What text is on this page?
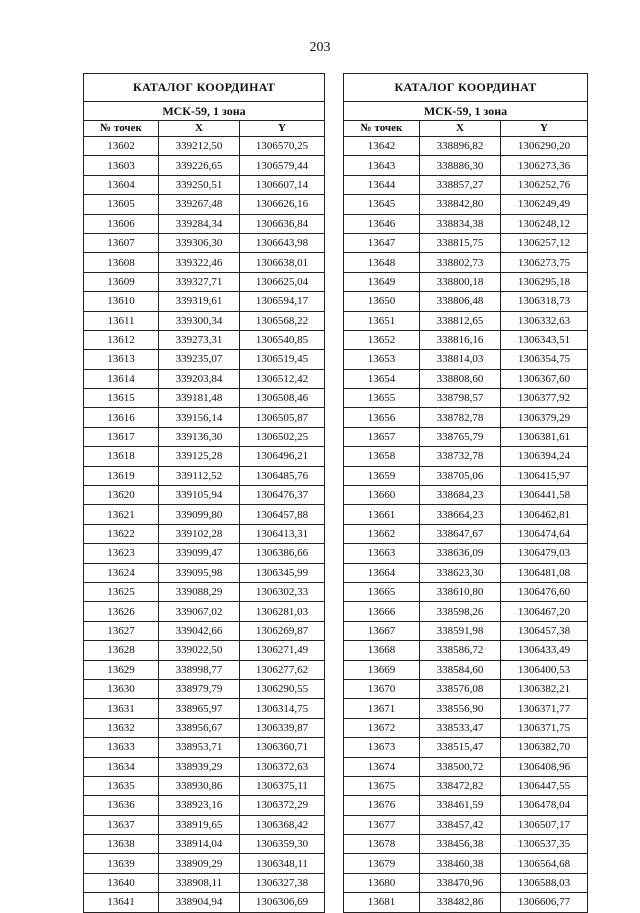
203
КАТАЛОГ КООРДИНАТ		
МСК-59, 1 зона		
№ точек	X	Y
13602	339212,50	1306570,25
13603	339226,65	1306579,44
13604	339250,51	1306607,14
13605	339267,48	1306626,16
13606	339284,34	1306636,84
13607	339306,30	1306643,98
13608	339322,46	1306638,01
13609	339327,71	1306625,04
13610	339319,61	1306594,17
13611	339300,34	1306568,22
13612	339273,31	1306540,85
13613	339235,07	1306519,45
13614	339203,84	1306512,42
13615	339181,48	1306508,46
13616	339156,14	1306505,87
13617	339136,30	1306502,25
13618	339125,28	1306496,21
13619	339112,52	1306485,76
13620	339105,94	1306476,37
13621	339099,80	1306457,88
13622	339102,28	1306413,31
13623	339099,47	1306386,66
13624	339095,98	1306345,99
13625	339088,29	1306302,33
13626	339067,02	1306281,03
13627	339042,66	1306269,87
13628	339022,50	1306271,49
13629	338998,77	1306277,62
13630	338979,79	1306290,55
13631	338965,97	1306314,75
13632	338956,67	1306339,87
13633	338953,71	1306360,71
13634	338939,29	1306372,63
13635	338930,86	1306375,11
13636	338923,16	1306372,29
13637	338919,65	1306368,42
13638	338914,04	1306359,30
13639	338909,29	1306348,11
13640	338908,11	1306327,38
13641	338904,94	1306306,69
КАТАЛОГ КООРДИНАТ		
МСК-59, 1 зона		
№ точек	X	Y
13642	338896,82	1306290,20
13643	338886,30	1306273,36
13644	338857,27	1306252,76
13645	338842,80	1306249,49
13646	338834,38	1306248,12
13647	338815,75	1306257,12
13648	338802,73	1306273,75
13649	338800,18	1306295,18
13650	338806,48	1306318,73
13651	338812,65	1306332,63
13652	338816,16	1306343,51
13653	338814,03	1306354,75
13654	338808,60	1306367,60
13655	338798,57	1306377,92
13656	338782,78	1306379,29
13657	338765,79	1306381,61
13658	338732,78	1306394,24
13659	338705,06	1306415,97
13660	338684,23	1306441,58
13661	338664,23	1306462,81
13662	338647,67	1306474,64
13663	338636,09	1306479,03
13664	338623,30	1306481,08
13665	338610,80	1306476,60
13666	338598,26	1306467,20
13667	338591,98	1306457,38
13668	338586,72	1306433,49
13669	338584,60	1306400,53
13670	338576,08	1306382,21
13671	338556,90	1306371,77
13672	338533,47	1306371,75
13673	338515,47	1306382,70
13674	338500,72	1306408,96
13675	338472,82	1306447,55
13676	338461,59	1306478,04
13677	338457,42	1306507,17
13678	338456,38	1306537,35
13679	338460,38	1306564,68
13680	338470,96	1306588,03
13681	338482,86	1306606,77
